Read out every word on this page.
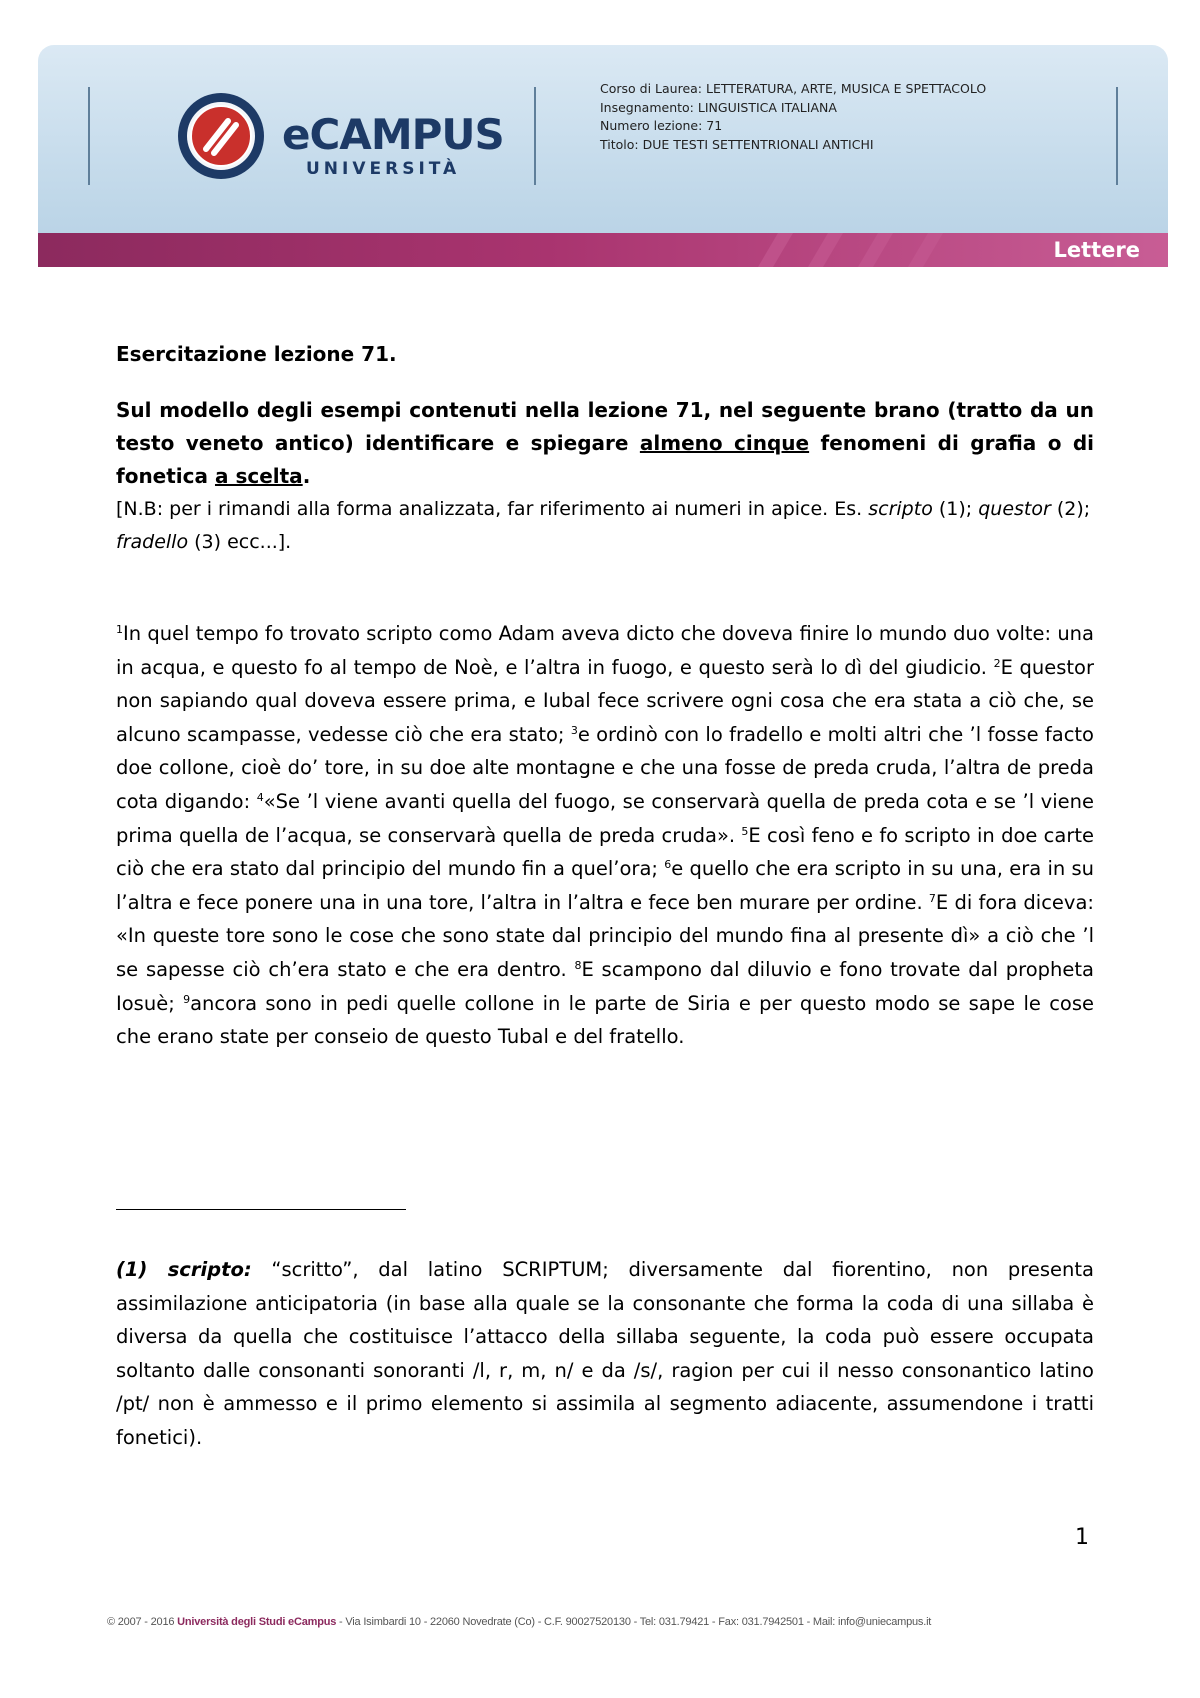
eCAMPUS
UNIVERSITÀ
Corso di Laurea: LETTERATURA, ARTE, MUSICA E SPETTACOLO
Insegnamento: LINGUISTICA ITALIANA
Numero lezione: 71
Titolo: DUE TESTI SETTENTRIONALI ANTICHI
Lettere
Esercitazione lezione 71.
Sul modello degli esempi contenuti nella lezione 71, nel seguente brano (tratto da un testo veneto antico) identificare e spiegare almeno cinque fenomeni di grafia o di fonetica a scelta.
[N.B: per i rimandi alla forma analizzata, far riferimento ai numeri in apice. Es. scripto (1); questor (2); fradello (3) ecc...].
$^1$In quel tempo fo trovato scripto como Adam aveva dicto che doveva finire lo mundo duo volte: una in acqua, e questo fo al tempo de Noè, e l’altra in fuogo, e questo serà lo dì del giudicio. $^2$E questor non sapiando qual doveva essere prima, e Iubal fece scrivere ogni cosa che era stata a ciò che, se alcuno scampasse, vedesse ciò che era stato; $^3$e ordinò con lo fradello e molti altri che ’l fosse facto doe collone, cioè do’ tore, in su doe alte montagne e che una fosse de preda cruda, l’altra de preda cota digando: $^4$«Se ’l viene avanti quella del fuogo, se conservarà quella de preda cota e se ’l viene prima quella de l’acqua, se conservarà quella de preda cruda». $^5$E così feno e fo scripto in doe carte ciò che era stato dal principio del mundo fin a quel’ora; $^6$e quello che era scripto in su una, era in su l’altra e fece ponere una in una tore, l’altra in l’altra e fece ben murare per ordine. $^7$E di fora diceva: «In queste tore sono le cose che sono state dal principio del mundo fina al presente dì» a ciò che ’l se sapesse ciò ch’era stato e che era dentro. $^8$E scampono dal diluvio e fono trovate dal propheta Iosuè; $^9$ancora sono in pedi quelle collone in le parte de Siria e per questo modo se sape le cose che erano state per conseio de questo Tubal e del fratello.
(1) scripto: “scritto”, dal latino SCRIPTUM; diversamente dal fiorentino, non presenta assimilazione anticipatoria (in base alla quale se la consonante che forma la coda di una sillaba è diversa da quella che costituisce l’attacco della sillaba seguente, la coda può essere occupata soltanto dalle consonanti sonoranti /l, r, m, n/ e da /s/, ragion per cui il nesso consonantico latino /pt/ non è ammesso e il primo elemento si assimila al segmento adiacente, assumendone i tratti fonetici).
1
© 2007 - 2016 Università degli Studi eCampus - Via Isimbardi 10 - 22060 Novedrate (Co) - C.F. 90027520130 - Tel: 031.79421 - Fax: 031.7942501 - Mail: info@uniecampus.it
